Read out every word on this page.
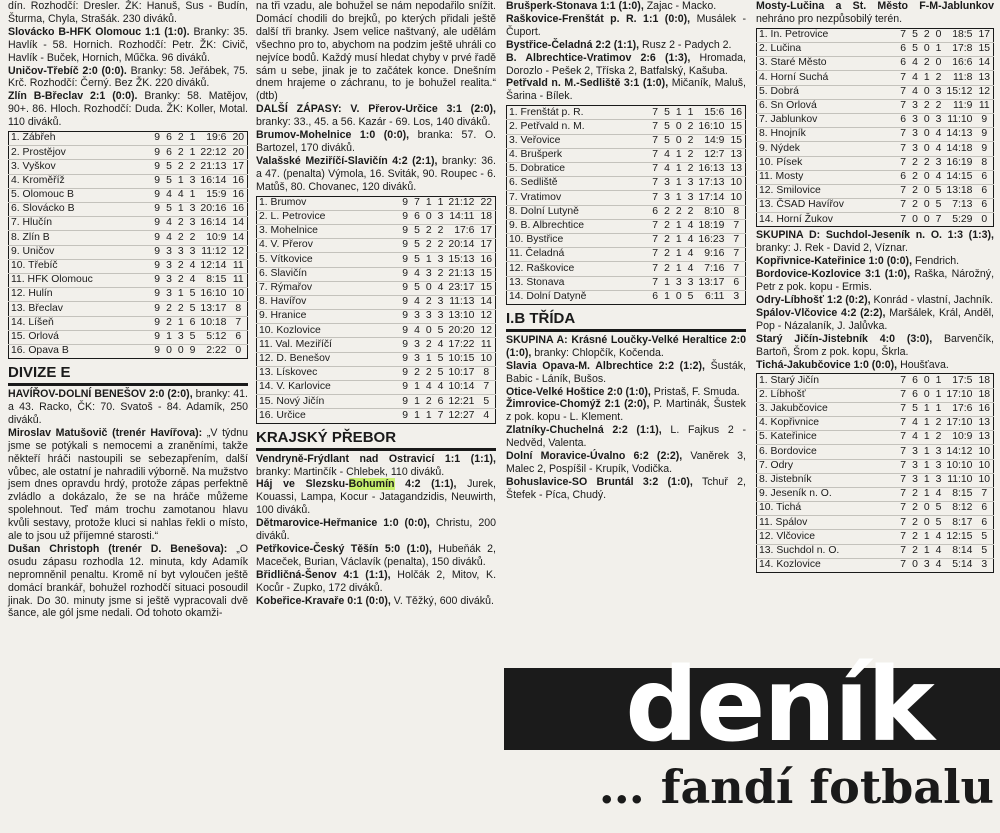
dín. Rozhodčí: Dresler. ŽK: Hanuš, Sus - Budín, Šturma, Chyla, Strašák. 230 diváků.

Slovácko B-HFK Olomouc 1:1 (1:0). Branky: 35. Havlík - 58. Hornich. Rozhodčí: Petr. ŽK: Civič, Havlík - Buček, Hornich, Műčka. 96 diváků.

Uničov-Třebíč 2:0 (0:0). Branky: 58. Jeřábek, 75. Krč. Rozhodčí: Černý. Bez ŽK. 220 diváků.

Zlín B-Břeclav 2:1 (0:0). Branky: 58. Matějov, 90+. 86. Hloch. Rozhodčí: Duda. ŽK: Koller, Motal. 110 diváků.

1. Zábřeh	9	6	2	1	19:6	20
2. Prostějov	9	6	2	1	22:12	20
3. Vyškov	9	5	2	2	21:13	17
4. Kroměříž	9	5	1	3	16:14	16
5. Olomouc B	9	4	4	1	15:9	16
6. Slovácko B	9	5	1	3	20:16	16
7. Hlučín	9	4	2	3	16:14	14
8. Zlín B	9	4	2	2	10:9	14
9. Uničov	9	3	3	3	11:12	12
10. Třebíč	9	3	2	4	12:14	11
11. HFK Olomouc	9	3	2	4	8:15	11
12. Hulín	9	3	1	5	16:10	10
13. Břeclav	9	2	2	5	13:17	8
14. Líšeň	9	2	1	6	10:18	7
15. Orlová	9	1	3	5	5:12	6
16. Opava B	9	0	0	9	2:22	0
DIVIZE E

HAVÍŘOV-DOLNÍ BENEŠOV 2:0 (2:0), branky: 41. a 43. Racko, ČK: 70. Svatoš - 84. Adamík, 250 diváků.

Miroslav Matušovič (trenér Havířova): „V týdnu jsme se potýkali s nemocemi a zraněními, takže někteří hráči nastoupili se sebezapřením, další vůbec, ale ostatní je nahradili výborně. Na mužstvo jsem dnes opravdu hrdý, protože zápas perfektně zvládlo a dokázalo, že se na hráče můžeme spolehnout. Teď mám trochu zamotanou hlavu kvůli sestavy, protože kluci si nahlas řekli o místo, ale to jsou už příjemné starosti.“

Dušan Christoph (trenér D. Benešova): „O osudu zápasu rozhodla 12. minuta, kdy Adamík nepromněnil penaltu. Kromě ní byt vyloučen ještě domácí brankář, bohužel rozhodčí situaci posoudil jinak. Do 30. minuty jsme si ještě vypracovali dvě šance, ale gól jsme nedali. Od tohoto okamži-

na tři vzadu, ale bohužel se nám nepodařilo snížit. Domácí chodili do brejků, po kterých přidali ještě další tři branky. Jsem velice naštvaný, ale udělám všechno pro to, abychom na podzim ještě uhráli co nejvíce bodů. Každý musí hledat chyby v prvé řadě sám u sebe, jinak je to začátek konce. Dnešním dnem hrajeme o záchranu, to je bohužel realita.“ (dtb)

DALŠÍ ZÁPASY: V. Přerov-Určice 3:1 (2:0), branky: 33., 45. a 56. Kazár - 69. Los, 140 diváků.

Brumov-Mohelnice 1:0 (0:0), branka: 57. O. Bartozel, 170 diváků.

Valašské Meziříčí-Slavičín 4:2 (2:1), branky: 36. a 47. (penalta) Výmola, 16. Sviták, 90. Roupec - 6. Matůš, 80. Chovanec, 120 diváků.

1. Brumov	9	7	1	1	21:12	22
2. L. Petrovice	9	6	0	3	14:11	18
3. Mohelnice	9	5	2	2	17:6	17
4. V. Přerov	9	5	2	2	20:14	17
5. Vítkovice	9	5	1	3	15:13	16
6. Slavičín	9	4	3	2	21:13	15
7. Rýmařov	9	5	0	4	23:17	15
8. Havířov	9	4	2	3	11:13	14
9. Hranice	9	3	3	3	13:10	12
10. Kozlovice	9	4	0	5	20:20	12
11. Val. Meziříčí	9	3	2	4	17:22	11
12. D. Benešov	9	3	1	5	10:15	10
13. Lískovec	9	2	2	5	10:17	8
14. V. Karlovice	9	1	4	4	10:14	7
15. Nový Jičín	9	1	2	6	12:21	5
16. Určice	9	1	1	7	12:27	4
KRAJSKÝ PŘEBOR

Vendryně-Frýdlant nad Ostravicí 1:1 (1:1), branky: Martinčík - Chlebek, 110 diváků.

Háj ve Slezsku-Bohumín 4:2 (1:1), Jurek, Kouassi, Lampa, Kocur - Jatagandzidis, Neuwirth, 100 diváků.

Dětmarovice-Heřmanice 1:0 (0:0), Christu, 200 diváků.

Petřkovice-Český Těšín 5:0 (1:0), Hubeňák 2, Maceček, Burian, Václavík (penalta), 150 diváků.

Břidličná-Šenov 4:1 (1:1), Holčák 2, Mitov, K. Kocůr - Zupko, 172 diváků.

Kobeřice-Kravaře 0:1 (0:0), V. Těžký, 600 diváků.

Brušperk-Stonava 1:1 (1:0), Zajac - Macko.

Raškovice-Frenštát p. R. 1:1 (0:0), Musálek - Čuport.

Bystřice-Čeladná 2:2 (1:1), Rusz 2 - Padych 2.

B. Albrechtice-Vratimov 2:6 (1:3), Hromada, Dorozlo - Pešek 2, Tříska 2, Batfalský, Kašuba.

Petřvald n. M.-Sedliště 3:1 (1:0), Mičaník, Maluš, Šarina - Bílek.

1. Frenštát p. R.	7	5	1	1	15:6	16
2. Petřvald n. M.	7	5	0	2	16:10	15
3. Veřovice	7	5	0	2	14:9	15
4. Brušperk	7	4	1	2	12:7	13
5. Dobratice	7	4	1	2	16:13	13
6. Sedliště	7	3	1	3	17:13	10
7. Vratimov	7	3	1	3	17:14	10
8. Dolní Lutyně	6	2	2	2	8:10	8
9. B. Albrechtice	7	2	1	4	18:19	7
10. Bystřice	7	2	1	4	16:23	7
11. Čeladná	7	2	1	4	9:16	7
12. Raškovice	7	2	1	4	7:16	7
13. Stonava	7	1	3	3	13:17	6
14. Dolní Datyně	6	1	0	5	6:11	3
I.B TŘÍDA

SKUPINA A: Krásné Loučky-Velké Heraltice 2:0 (1:0), branky: Chlopčík, Kočenda.

Slavia Opava-M. Albrechtice 2:2 (1:2), Šusták, Babic - Láník, Bušos.

Otice-Velké Hoštice 2:0 (1:0), Pristaš, F. Smuda.

Žimrovice-Chomýž 2:1 (2:0), P. Martinák, Šustek z pok. kopu - L. Klement.

Zlatníky-Chuchelná 2:2 (1:1), L. Fajkus 2 - Nedvěd, Valenta.

Dolní Moravice-Úvalno 6:2 (2:2), Vaněrek 3, Malec 2, Pospíšil - Krupík, Vodička.

Bohuslavice-SO Bruntál 3:2 (1:0), Tchuř 2, Štefek - Píca, Chudý.

Mosty-Lučina a St. Město F-M-Jablunkov nehráno pro nezpůsobilý terén.

1. In. Petrovice	7	5	2	0	18:5	17
2. Lučina	6	5	0	1	17:8	15
3. Staré Město	6	4	2	0	16:6	14
4. Horní Suchá	7	4	1	2	11:8	13
5. Dobrá	7	4	0	3	15:12	12
6. Sn Orlová	7	3	2	2	11:9	11
7. Jablunkov	6	3	0	3	11:10	9
8. Hnojník	7	3	0	4	14:13	9
9. Nýdek	7	3	0	4	14:18	9
10. Písek	7	2	2	3	16:19	8
11. Mosty	6	2	0	4	14:15	6
12. Smilovice	7	2	0	5	13:18	6
13. ČSAD Havířov	7	2	0	5	7:13	6
14. Horní Žukov	7	0	0	7	5:29	0

SKUPINA D: Suchdol-Jeseník n. O. 1:3 (1:3), branky: J. Rek - David 2, Víznar.

Kopřivnice-Kateřinice 1:0 (0:0), Fendrich.

Bordovice-Kozlovice 3:1 (1:0), Raška, Nárožný, Petr z pok. kopu - Ermis.

Odry-Líbhošť 1:2 (0:2), Konrád - vlastní, Jachník.

Spálov-Vlčovice 4:2 (2:2), Maršálek, Král, Anděl, Pop - Názalaník, J. Jalůvka.

Starý Jičín-Jistebník 4:0 (3:0), Barvenčík, Bartoň, Šrom z pok. kopu, Škrla.

Tichá-Jakubčovice 1:0 (0:0), Houšťava.

1. Starý Jičín	7	6	0	1	17:5	18
2. Líbhošť	7	6	0	1	17:10	18
3. Jakubčovice	7	5	1	1	17:6	16
4. Kopřivnice	7	4	1	2	17:10	13
5. Kateřinice	7	4	1	2	10:9	13
6. Bordovice	7	3	1	3	14:12	10
7. Odry	7	3	1	3	10:10	10
8. Jistebník	7	3	1	3	11:10	10
9. Jeseník n. O.	7	2	1	4	8:15	7
10. Tichá	7	2	0	5	8:12	6
11. Spálov	7	2	0	5	8:17	6
12. Vlčovice	7	2	1	4	12:15	5
13. Suchdol n. O.	7	2	1	4	8:14	5
14. Kozlovice	7	0	3	4	5:14	3
deník
… fandí fotbalu
